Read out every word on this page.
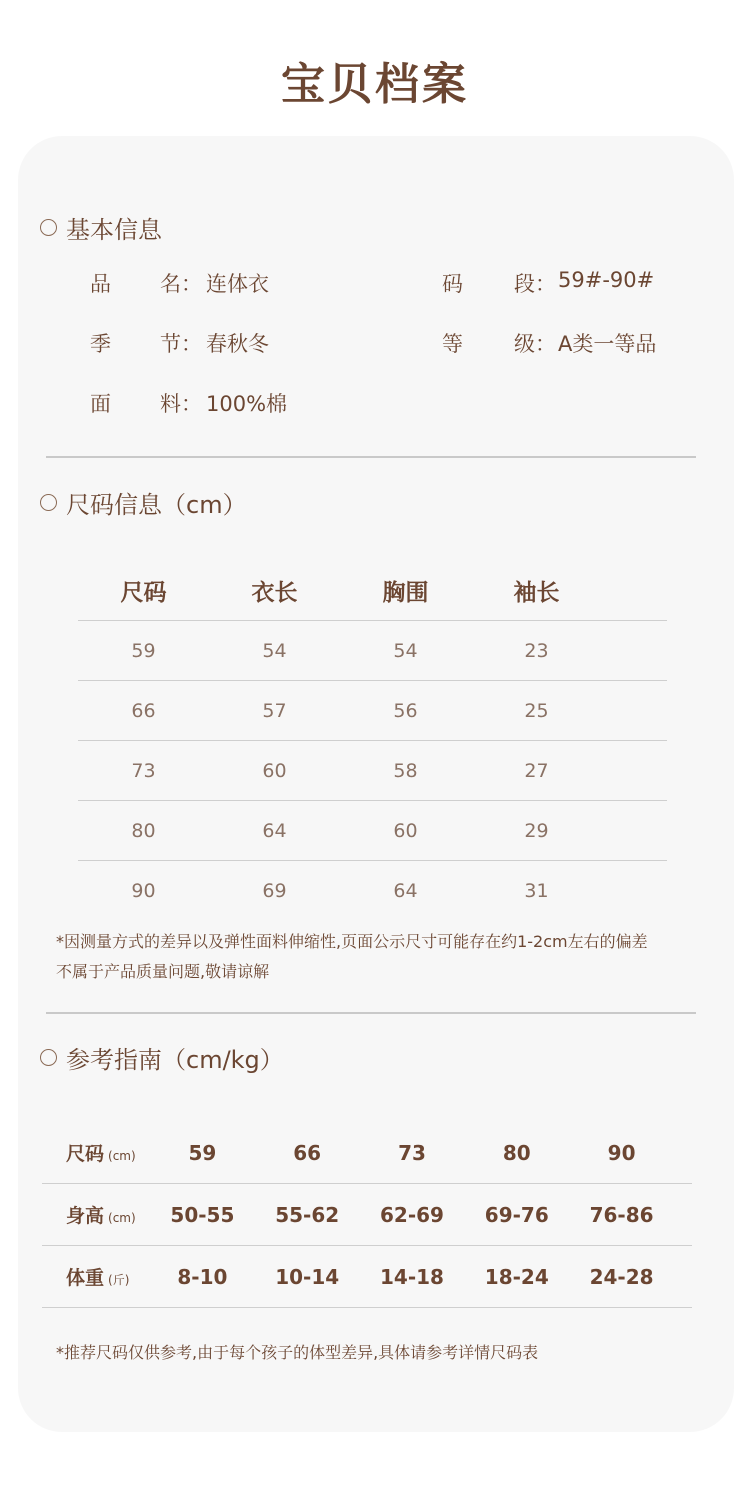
宝贝档案
基本信息
品 名： 连体衣	码 段： 59#-90#
季 节： 春秋冬	等 级： A类一等品
面 料： 100%棉
尺码信息（cm）
尺码	衣长	胸围	袖长
59	54	54	23
66	57	56	25
73	60	58	27
80	64	60	29
90	69	64	31
*因测量方式的差异以及弹性面料伸缩性,页面公示尺寸可能存在约1-2cm左右的偏差
不属于产品质量问题,敬请谅解
参考指南（cm/kg）
尺码 (cm)	59	66	73	80	90
身高 (cm)	50-55	55-62	62-69	69-76	76-86
体重 (斤)	8-10	10-14	14-18	18-24	24-28
*推荐尺码仅供参考,由于每个孩子的体型差异,具体请参考详情尺码表
